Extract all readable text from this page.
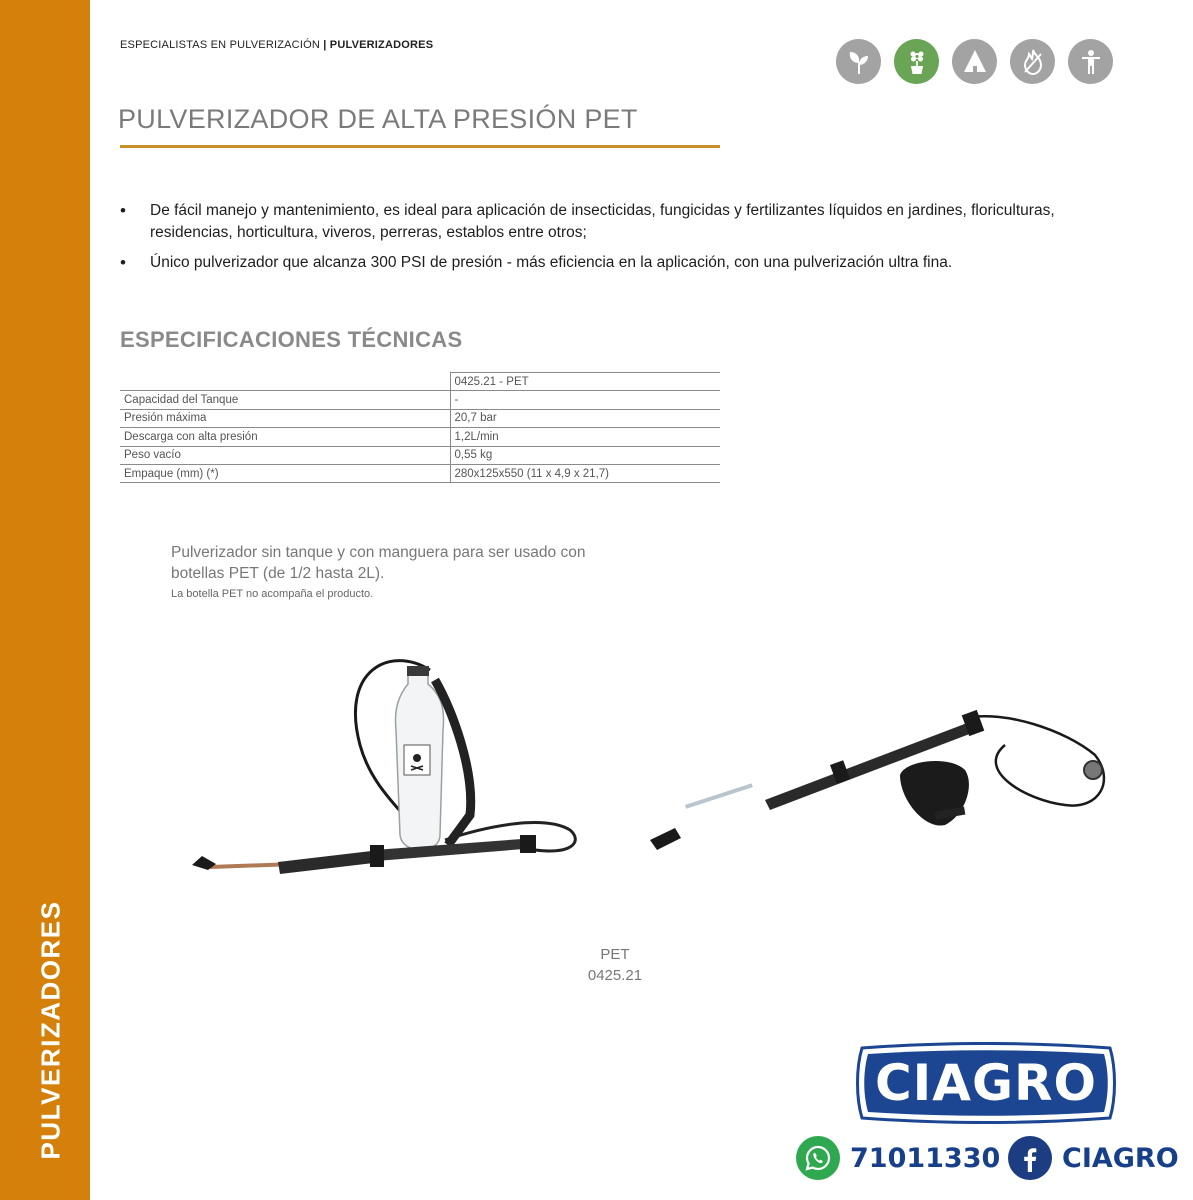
PULVERIZADORES
ESPECIALISTAS EN PULVERIZACIÓN | PULVERIZADORES
PULVERIZADOR DE ALTA PRESIÓN PET
• De fácil manejo y mantenimiento, es ideal para aplicación de insecticidas, fungicidas y fertilizantes líquidos en jardines, floriculturas, residencias, horticultura, viveros, perreras, establos entre otros;
• Único pulverizador que alcanza 300 PSI de presión - más eficiencia en la aplicación, con una pulverización ultra fina.
ESPECIFICACIONES TÉCNICAS
	0425.21 - PET
Capacidad del Tanque	-
Presión máxima	20,7 bar
Descarga con alta presión	1,2L/min
Peso vacío	0,55 kg
Empaque (mm) (*)	280x125x550 (11 x 4,9 x 21,7)

Pulverizador sin tanque y con manguera para ser usado con botellas PET (de 1/2 hasta 2L).

La botella PET no acompaña el producto.

PET
0425.21
CIAGRO
71011330 CIAGRO
